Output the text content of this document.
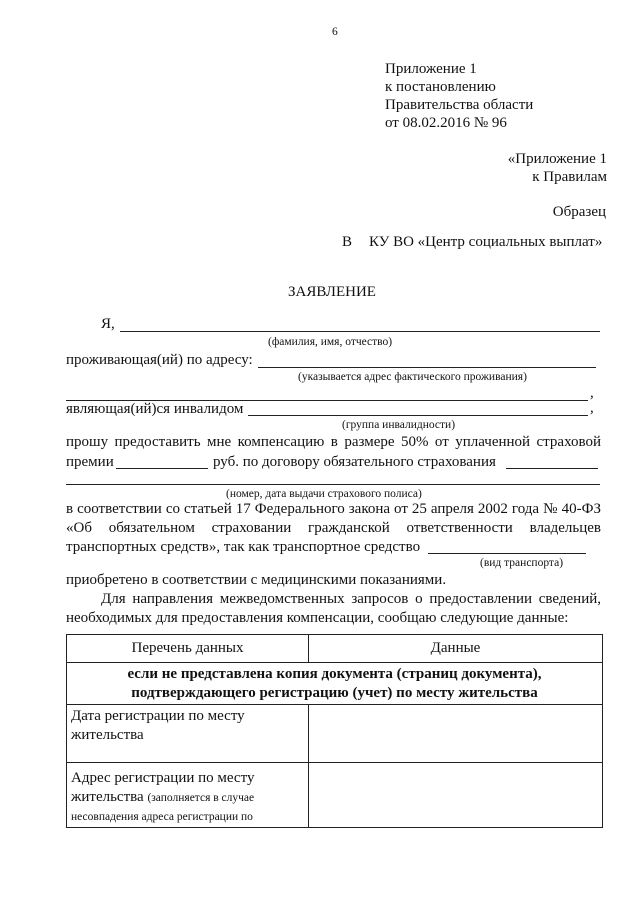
6
Приложение 1
к постановлению
Правительства области
от 08.02.2016 № 96
«Приложение 1
к Правилам
Образец
В КУ ВО «Центр социальных выплат»
ЗАЯВЛЕНИЕ
Я,
(фамилия, имя, отчество)
проживающая(ий) по адресу:
(указывается адрес фактического проживания)
,
являющая(ий)ся инвалидом	,
(группа инвалидности)
прошу предоставить мне компенсацию в размере 50% от уплаченной страховой
премии	руб. по договору обязательного страхования
(номер, дата выдачи страхового полиса)
в соответствии со статьей 17 Федерального закона от 25 апреля 2002 года № 40-ФЗ
«Об обязательном страховании гражданской ответственности владельцев
транспортных средств», так как транспортное средство
(вид транспорта)
приобретено в соответствии с медицинскими показаниями.
Для направления межведомственных запросов о предоставлении сведений,
необходимых для предоставления компенсации, сообщаю следующие данные:
Перечень данных	Данные

если не представлена копия документа (страниц документа),
подтверждающего регистрацию (учет) по месту жительства	

Дата регистрации по месту
жительства	

Адрес регистрации по месту
жительства (заполняется в случае
несовпадения адреса регистрации по	
